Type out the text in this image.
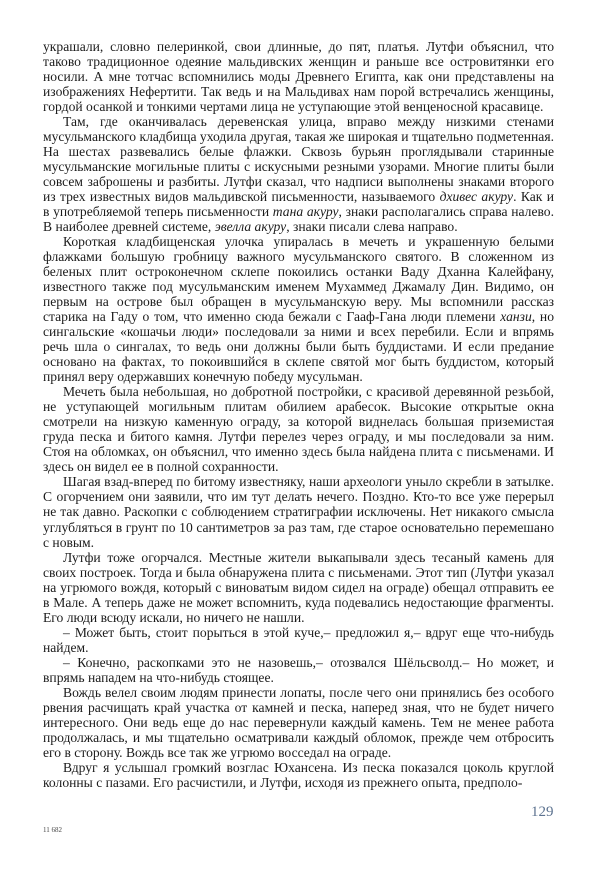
украшали, словно пелеринкой, свои длинные, до пят, платья. Лутфи объяснил, что таково традиционное одеяние мальдивских женщин и раньше все островитянки его носили. А мне тотчас вспомнились моды Древнего Египта, как они представлены на изображениях Нефертити. Так ведь и на Мальдивах нам порой встречались женщины, гордой осанкой и тонкими чертами лица не уступающие этой венценосной красавице.

Там, где оканчивалась деревенская улица, вправо между низкими стенами мусульманского кладбища уходила другая, такая же широкая и тщательно подметенная. На шестах развевались белые флажки. Сквозь бурьян проглядывали старинные мусульманские могильные плиты с искусными резными узорами. Многие плиты были совсем заброшены и разбиты. Лутфи сказал, что надписи выполнены знаками второго из трех известных видов мальдивской письменности, называемого дхивес акуру. Как и в употребляемой теперь письменности тана акуру, знаки располагались справа налево. В наиболее древней системе, эвелла акуру, знаки писали слева направо.

Короткая кладбищенская улочка упиралась в мечеть и украшенную белыми флажками большую гробницу важного мусульманского святого. В сложенном из беленых плит остроконечном склепе покоились останки Ваду Дханна Калейфану, известного также под мусульманским именем Мухаммед Джамалу Дин. Видимо, он первым на острове был обращен в мусульманскую веру. Мы вспомнили рассказ старика на Гаду о том, что именно сюда бежали с Гааф-Гана люди племени ханзи, но сингальские «кошачьи люди» последовали за ними и всех перебили. Если и впрямь речь шла о сингалах, то ведь они должны были быть буддистами. И если предание основано на фактах, то покоившийся в склепе святой мог быть буддистом, который принял веру одержавших конечную победу мусульман.

Мечеть была небольшая, но добротной постройки, с красивой деревянной резьбой, не уступающей могильным плитам обилием арабесок. Высокие открытые окна смотрели на низкую каменную ограду, за которой виднелась большая приземистая груда песка и битого камня. Лутфи перелез через ограду, и мы последовали за ним. Стоя на обломках, он объяснил, что именно здесь была найдена плита с письменами. И здесь он видел ее в полной сохранности.

Шагая взад-вперед по битому известняку, наши археологи уныло скребли в затылке. С огорчением они заявили, что им тут делать нечего. Поздно. Кто-то все уже перерыл не так давно. Раскопки с соблюдением стратиграфии исключены. Нет никакого смысла углубляться в грунт по 10 сантиметров за раз там, где старое основательно перемешано с новым.

Лутфи тоже огорчался. Местные жители выкапывали здесь тесаный камень для своих построек. Тогда и была обнаружена плита с письменами. Этот тип (Лутфи указал на угрюмого вождя, который с виноватым видом сидел на ограде) обещал отправить ее в Мале. А теперь даже не может вспомнить, куда подевались недостающие фрагменты. Его люди всюду искали, но ничего не нашли.

– Может быть, стоит порыться в этой куче,– предложил я,– вдруг еще что-нибудь найдем.

– Конечно, раскопками это не назовешь,– отозвался Шёльсволд.– Но может, и впрямь нападем на что-нибудь стоящее.

Вождь велел своим людям принести лопаты, после чего они принялись без особого рвения расчищать край участка от камней и песка, наперед зная, что не будет ничего интересного. Они ведь еще до нас перевернули каждый камень. Тем не менее работа продолжалась, и мы тщательно осматривали каждый обломок, прежде чем отбросить его в сторону. Вождь все так же угрюмо восседал на ограде.

Вдруг я услышал громкий возглас Юхансена. Из песка показался цоколь круглой колонны с пазами. Его расчистили, и Лутфи, исходя из прежнего опыта, предполо-

129
11 682
